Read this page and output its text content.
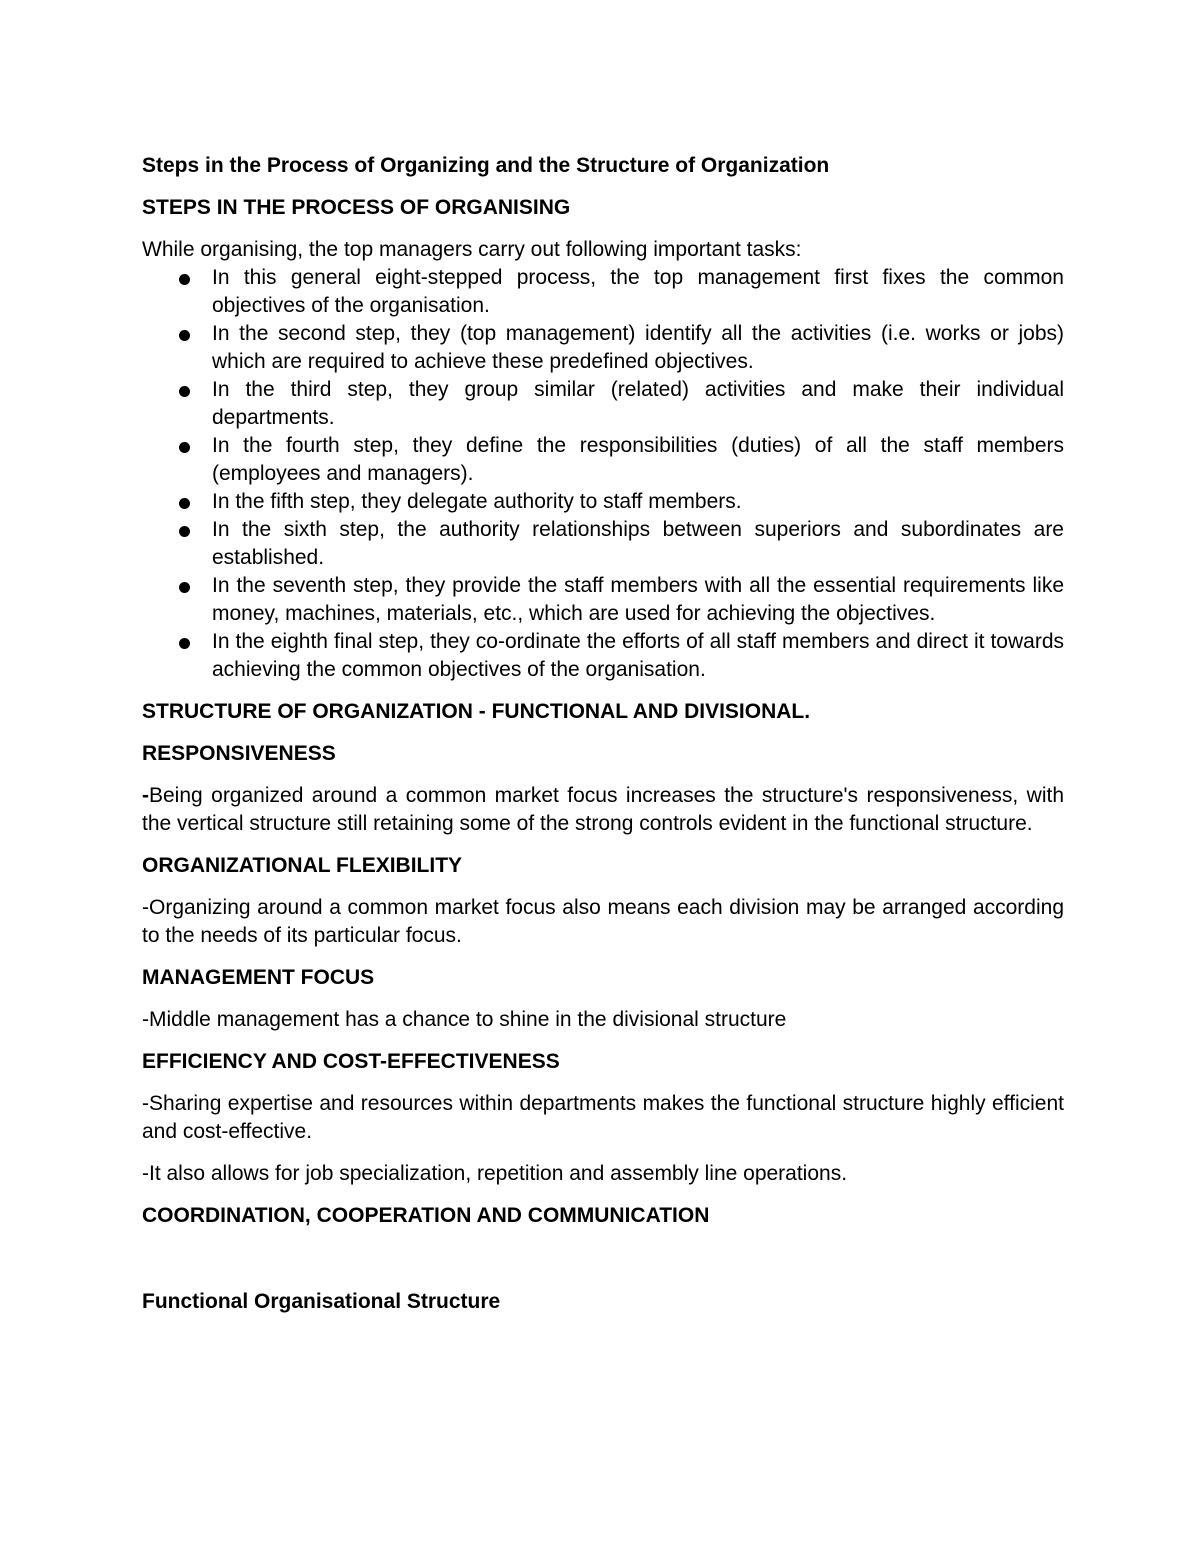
Steps in the Process of Organizing and the Structure of Organization

STEPS IN THE PROCESS OF ORGANISING

While organising, the top managers carry out following important tasks:

In this general eight-stepped process, the top management first fixes the common objectives of the organisation.
In the second step, they (top management) identify all the activities (i.e. works or jobs) which are required to achieve these predefined objectives.
In the third step, they group similar (related) activities and make their individual departments.
In the fourth step, they define the responsibilities (duties) of all the staff members (employees and managers).
In the fifth step, they delegate authority to staff members.
In the sixth step, the authority relationships between superiors and subordinates are established.
In the seventh step, they provide the staff members with all the essential requirements like money, machines, materials, etc., which are used for achieving the objectives.
In the eighth final step, they co-ordinate the efforts of all staff members and direct it towards achieving the common objectives of the organisation.

STRUCTURE OF ORGANIZATION - FUNCTIONAL AND DIVISIONAL.

RESPONSIVENESS

-Being organized around a common market focus increases the structure's responsiveness, with the vertical structure still retaining some of the strong controls evident in the functional structure.

ORGANIZATIONAL FLEXIBILITY

-Organizing around a common market focus also means each division may be arranged according to the needs of its particular focus.

MANAGEMENT FOCUS

-Middle management has a chance to shine in the divisional structure

EFFICIENCY AND COST-EFFECTIVENESS

-Sharing expertise and resources within departments makes the functional structure highly efficient and cost-effective.

-It also allows for job specialization, repetition and assembly line operations.

COORDINATION, COOPERATION AND COMMUNICATION

Functional Organisational Structure
